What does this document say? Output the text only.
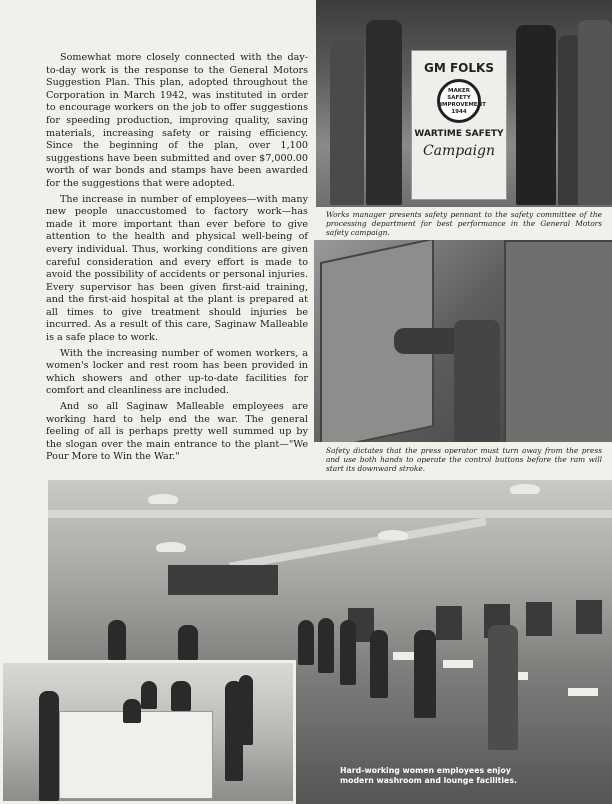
Somewhat more closely connected with the day-to-day work is the response to the General Motors Suggestion Plan. This plan, adopted throughout the Corporation in March 1942, was instituted in order to encourage workers on the job to offer suggestions for speeding production, improving quality, saving materials, increasing safety or raising efficiency. Since the beginning of the plan, over 1,100 suggestions have been submitted and over $7,000.00 worth of war bonds and stamps have been awarded for the suggestions that were adopted.

The increase in number of employees—with many new people unaccustomed to factory work—has made it more important than ever before to give attention to the health and physical well-being of every individual. Thus, working conditions are given careful consideration and every effort is made to avoid the possibility of accidents or personal injuries. Every supervisor has been given first-aid training, and the first-aid hospital at the plant is prepared at all times to give treatment should injuries be incurred. As a result of this care, Saginaw Malleable is a safe place to work.

With the increasing number of women workers, a women's locker and rest room has been provided in which showers and other up-to-date facilities for comfort and cleanliness are included.

And so all Saginaw Malleable employees are working hard to help end the war. The general feeling of all is perhaps pretty well summed up by the slogan over the main entrance to the plant—"We Pour More to Win the War."

GM FOLKS
MAKER
SAFETY
IMPROVEMENT
1944
WARTIME SAFETY
Campaign
Works manager presents safety pennant to the safety committee of the processing department for best performance in the General Motors safety campaign.
Safety dictates that the press operator must turn away from the press and use both hands to operate the control buttons before the ram will start its downward stroke.
Hard-working women employees enjoy modern washroom and lounge facilities.
